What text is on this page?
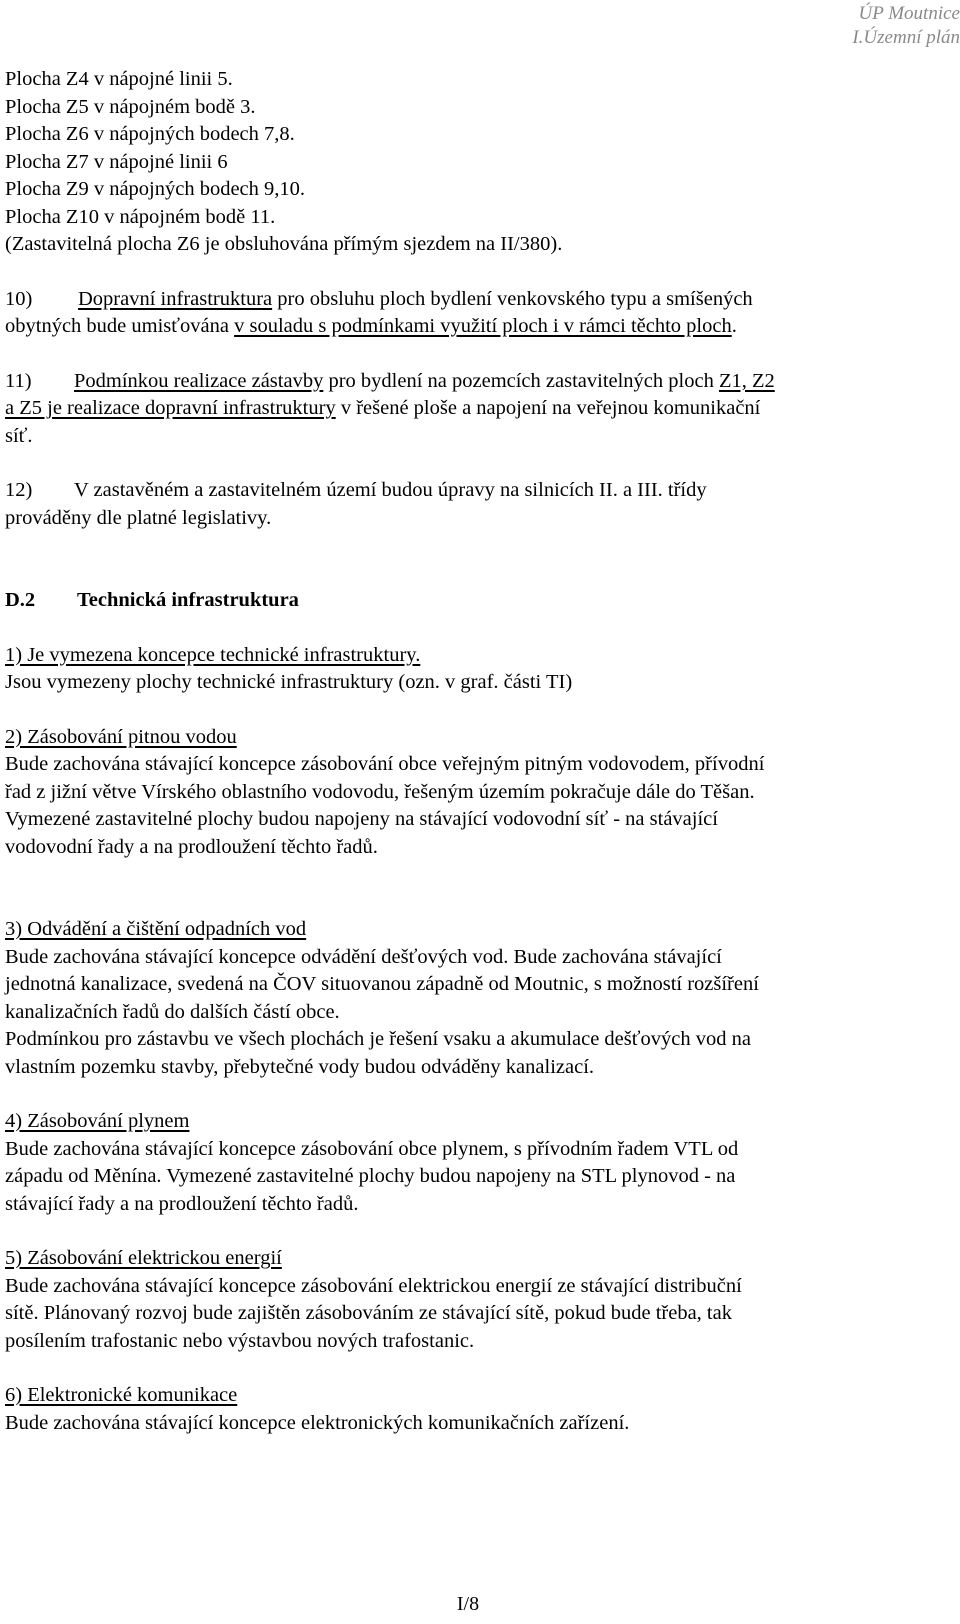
ÚP Moutnice
I.Územní plán
Plocha Z4 v nápojné linii 5.
Plocha Z5 v nápojném bodě 3.
Plocha Z6 v nápojných bodech 7,8.
Plocha Z7 v nápojné linii 6
Plocha Z9 v nápojných bodech 9,10.
Plocha Z10 v nápojném bodě 11.
(Zastavitelná plocha Z6 je obsluhována přímým sjezdem na II/380).
10) Dopravní infrastruktura pro obsluhu ploch bydlení venkovského typu a smíšených
obytných bude umisťována v souladu s podmínkami využití ploch i v rámci těchto ploch.
11) Podmínkou realizace zástavby pro bydlení na pozemcích zastavitelných ploch Z1, Z2
a Z5 je realizace dopravní infrastruktury v řešené ploše a napojení na veřejnou komunikační
síť.
12) V zastavěném a zastavitelném území budou úpravy na silnicích II. a III. třídy
prováděny dle platné legislativy.
D.2 Technická infrastruktura
1) Je vymezena koncepce technické infrastruktury.
Jsou vymezeny plochy technické infrastruktury (ozn. v graf. části TI)
2) Zásobování pitnou vodou
Bude zachována stávající koncepce zásobování obce veřejným pitným vodovodem, přívodní
řad z jižní větve Vírského oblastního vodovodu, řešeným územím pokračuje dále do Těšan.
Vymezené zastavitelné plochy budou napojeny na stávající vodovodní síť - na stávající
vodovodní řady a na prodloužení těchto řadů.
3) Odvádění a čištění odpadních vod
Bude zachována stávající koncepce odvádění dešťových vod. Bude zachována stávající
jednotná kanalizace, svedená na ČOV situovanou západně od Moutnic, s možností rozšíření
kanalizačních řadů do dalších částí obce.
Podmínkou pro zástavbu ve všech plochách je řešení vsaku a akumulace dešťových vod na
vlastním pozemku stavby, přebytečné vody budou odváděny kanalizací.
4) Zásobování plynem
Bude zachována stávající koncepce zásobování obce plynem, s přívodním řadem VTL od
západu od Měnína. Vymezené zastavitelné plochy budou napojeny na STL plynovod - na
stávající řady a na prodloužení těchto řadů.
5) Zásobování elektrickou energií
Bude zachována stávající koncepce zásobování elektrickou energií ze stávající distribuční
sítě. Plánovaný rozvoj bude zajištěn zásobováním ze stávající sítě, pokud bude třeba, tak
posílením trafostanic nebo výstavbou nových trafostanic.
6) Elektronické komunikace
Bude zachována stávající koncepce elektronických komunikačních zařízení.
I/8
